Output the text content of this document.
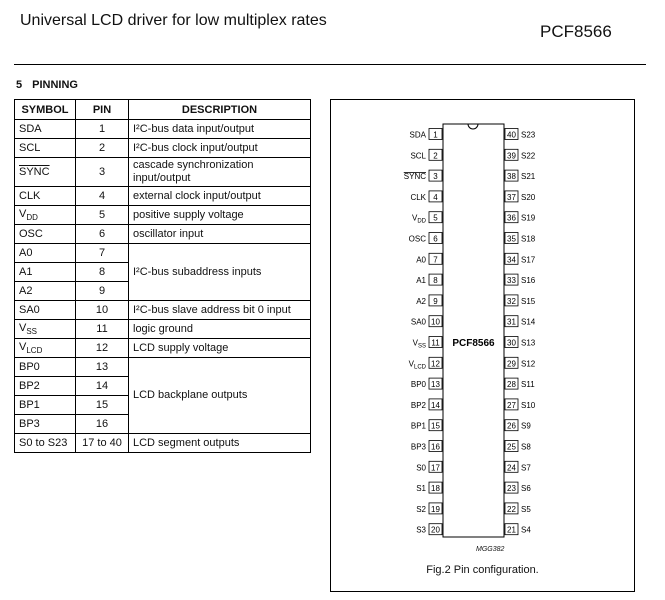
Universal LCD driver for low multiplex rates
PCF8566
5 PINNING
SYMBOL	PIN	DESCRIPTION
SDA	1	I²C-bus data input/output
SCL	2	I²C-bus clock input/output
SYNC	3	cascade synchronization input/output
CLK	4	external clock input/output
$V_{DD}$	5	positive supply voltage
OSC	6	oscillator input
A0	7	I²C-bus subaddress inputs
A1	8	
A2	9	
SA0	10	I²C-bus slave address bit 0 input
$V_{SS}$	11	logic ground
$V_{LCD}$	12	LCD supply voltage
BP0	13	LCD backplane outputs
BP2	14	
BP1	15	
BP3	16	
S0 to S23	17 to 40	LCD segment outputs
PCF8566
1
SDA
2
SCL
3
SYNC
4
CLK
5
$V_{DD}$
6
OSC
7
A0
8
A1
9
A2
10
SA0
11
$V_{SS}$
12
$V_{LCD}$
13
BP0
14
BP2
15
BP1
16
BP3
17
S0
18
S1
19
S2
20
S3
40 S23
39 S22
38 S21
37 S20
36 S19
35 S18
34 S17
33 S16
32 S15
31 S14
30 S13
29 S12
28 S11
27 S10
26 S9
25 S8
24 S7
23 S6
22 S5
21 S4
MGG382
Fig.2 Pin configuration.
